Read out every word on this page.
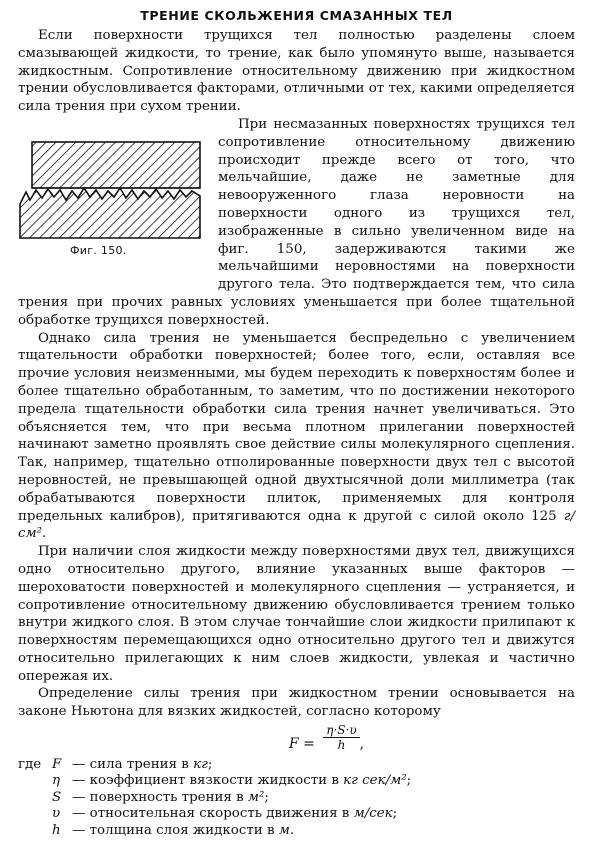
ТРЕНИЕ СКОЛЬЖЕНИЯ СМАЗАННЫХ ТЕЛ

Если поверхности трущихся тел полностью разделены слоем смазывающей жидкости, то трение, как было упомянуто выше, называется жидкостным. Сопротивление относительному движению при жидкостном трении обусловливается факторами, отличными от тех, какими определяется сила трения при сухом трении.

Фиг. 150.
При несмазанных поверхностях трущихся тел сопротивление относительному движению происходит прежде всего от того, что мельчайшие, даже не заметные для невооруженного глаза неровности на поверхности одного из трущихся тел, изображенные в сильно увеличенном виде на фиг. 150, задерживаются такими же мельчайшими неровностями на поверхности другого тела. Это подтверждается тем, что сила трения при прочих равных условиях уменьшается при более тщательной обработке трущихся поверхностей.

Однако сила трения не уменьшается беспредельно с увеличением тщательности обработки поверхностей; более того, если, оставляя все прочие условия неизменными, мы будем переходить к поверхностям более и более тщательно обработанным, то заметим, что по достижении некоторого предела тщательности обработки сила трения начнет увеличиваться. Это объясняется тем, что при весьма плотном прилегании поверхностей начинают заметно проявлять свое действие силы молекулярного сцепления. Так, например, тщательно отполированные поверхности двух тел с высотой неровностей, не превышающей одной двухтысячной доли миллиметра (так обрабатываются поверхности плиток, применяемых для контроля предельных калибров), притягиваются одна к другой с силой около 125 г/см².

При наличии слоя жидкости между поверхностями двух тел, движущихся одно относительно другого, влияние указанных выше факторов — шероховатости поверхностей и молекулярного сцепления — устраняется, и сопротивление относительному движению обусловливается трением только внутри жидкого слоя. В этом случае тончайшие слои жидкости прилипают к поверхностям перемещающихся одно относительно другого тел и движутся относительно прилегающих к ним слоев жидкости, увлекая и частично опережая их.

Определение силы трения при жидкостном трении основывается на законе Ньютона для вязких жидкостей, согласно которому

$F = \frac{\eta\cdot S\cdot\upsilon}{h}$ ,
где F — сила трения в кг;
η — коэффициент вязкости жидкости в кг сек/м²;
S — поверхность трения в м²;
υ — относительная скорость движения в м/сек;
h — толщина слоя жидкости в м.
